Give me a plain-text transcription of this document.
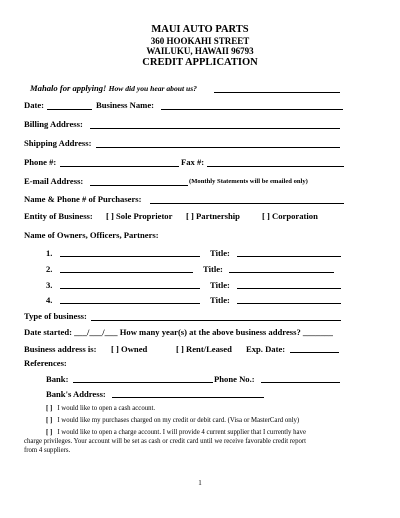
MAUI AUTO PARTS
360 HOOKAHI STREET
WAILUKU, HAWAII 96793
CREDIT APPLICATION
Mahalo for applying! How did you hear about us?
Date:	Business Name:
Billing Address:
Shipping Address:
Phone #:	Fax #:
E-mail Address:	(Monthly Statements will be emailed only)
Name & Phone # of Purchasers:
Entity of Business: [ ] Sole Proprietor [ ] Partnership	[ ] Corporation
Name of Owners, Officers, Partners:
1.	Title:
2.	Title:
3.	Title:
4.	Title:
Type of business:
Date started: ___/___/___ How many year(s) at the above business address? _______
Business address is: [ ] Owned	[ ] Rent/Leased Exp. Date:
References:
Bank:	Phone No.:
Bank's Address:
[ ] I would like to open a cash account.
[ ] I would like my purchases charged on my credit or debit card. (Visa or MasterCard only)
[ ] I would like to open a charge account. I will provide 4 current supplier that I currently have
charge privileges. Your account will be set as cash or credit card until we receive favorable credit report
from 4 suppliers.
1
